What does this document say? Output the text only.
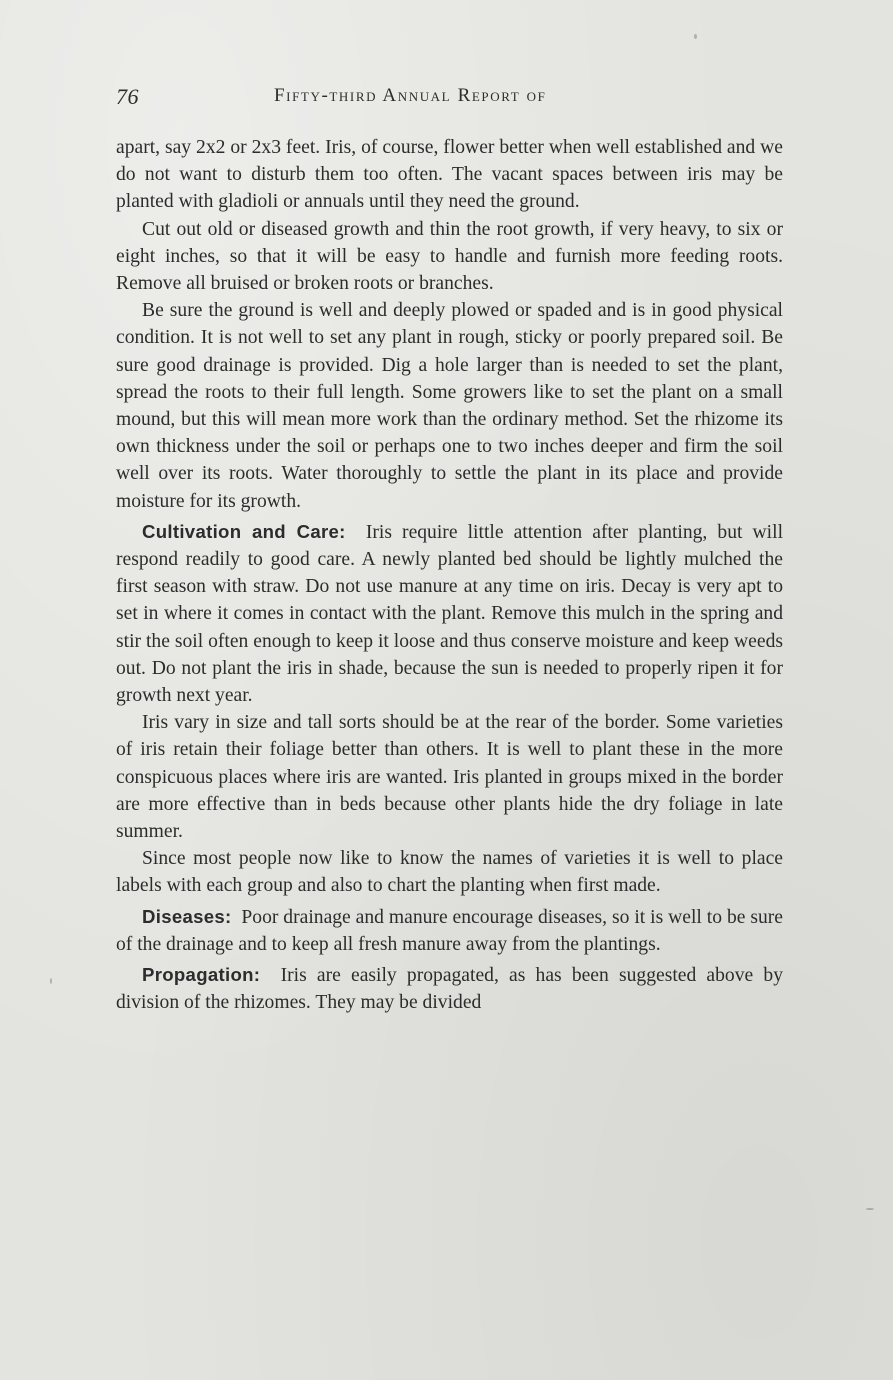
76	Fifty-third Annual Report of

apart, say 2x2 or 2x3 feet. Iris, of course, flower better when well established and we do not want to disturb them too often. The vacant spaces between iris may be planted with gladioli or annuals until they need the ground.

Cut out old or diseased growth and thin the root growth, if very heavy, to six or eight inches, so that it will be easy to handle and furnish more feeding roots. Remove all bruised or broken roots or branches.

Be sure the ground is well and deeply plowed or spaded and is in good physical condition. It is not well to set any plant in rough, sticky or poorly prepared soil. Be sure good drainage is provided. Dig a hole larger than is needed to set the plant, spread the roots to their full length. Some growers like to set the plant on a small mound, but this will mean more work than the ordinary method. Set the rhizome its own thickness under the soil or perhaps one to two inches deeper and firm the soil well over its roots. Water thoroughly to settle the plant in its place and provide moisture for its growth.

Cultivation and Care: Iris require little attention after planting, but will respond readily to good care. A newly planted bed should be lightly mulched the first season with straw. Do not use manure at any time on iris. Decay is very apt to set in where it comes in contact with the plant. Remove this mulch in the spring and stir the soil often enough to keep it loose and thus conserve moisture and keep weeds out. Do not plant the iris in shade, because the sun is needed to properly ripen it for growth next year.

Iris vary in size and tall sorts should be at the rear of the border. Some varieties of iris retain their foliage better than others. It is well to plant these in the more conspicuous places where iris are wanted. Iris planted in groups mixed in the border are more effective than in beds because other plants hide the dry foliage in late summer.

Since most people now like to know the names of varieties it is well to place labels with each group and also to chart the planting when first made.

Diseases: Poor drainage and manure encourage diseases, so it is well to be sure of the drainage and to keep all fresh manure away from the plantings.

Propagation: Iris are easily propagated, as has been suggested above by division of the rhizomes. They may be divided
